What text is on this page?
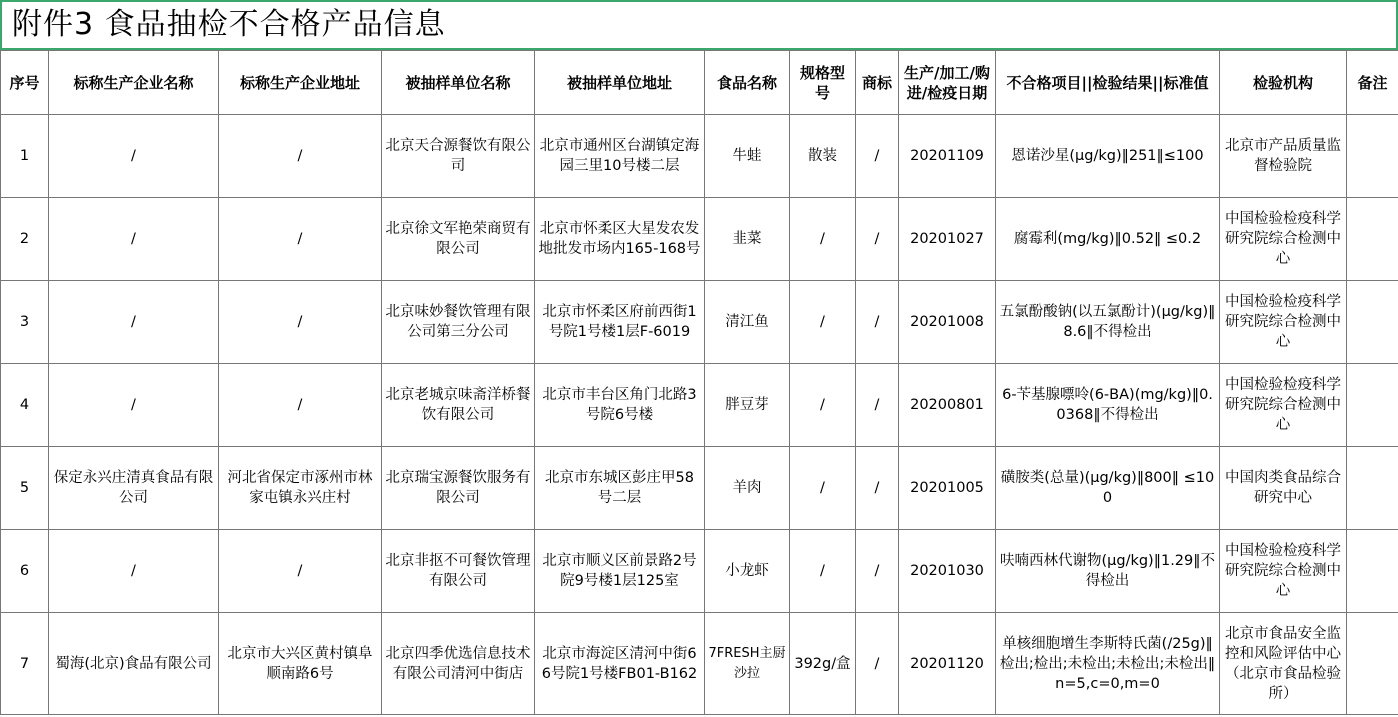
附件3 食品抽检不合格产品信息
序号	标称生产企业名称	标称生产企业地址	被抽样单位名称	被抽样单位地址	食品名称	规格型号	商标	生产/加工/购进/检疫日期	不合格项目||检验结果||标准值	检验机构	备注
1	/	/	北京天合源餐饮有限公司	北京市通州区台湖镇定海园三里10号楼二层	牛蛙	散装	/	20201109	恩诺沙星(μg/kg)‖251‖≤100	北京市产品质量监督检验院	
2	/	/	北京徐文军艳荣商贸有限公司	北京市怀柔区大星发农发地批发市场内165-168号	韭菜	/	/	20201027	腐霉利(mg/kg)‖0.52‖ ≤0.2	中国检验检疫科学研究院综合检测中心	
3	/	/	北京味妙餐饮管理有限公司第三分公司	北京市怀柔区府前西街1号院1号楼1层F-6019	清江鱼	/	/	20201008	五氯酚酸钠(以五氯酚计)(μg/kg)‖8.6‖不得检出	中国检验检疫科学研究院综合检测中心	
4	/	/	北京老城京味斋洋桥餐饮有限公司	北京市丰台区角门北路3号院6号楼	胖豆芽	/	/	20200801	6-苄基腺嘌呤(6-BA)(mg/kg)‖0.0368‖不得检出	中国检验检疫科学研究院综合检测中心	
5	保定永兴庄清真食品有限公司	河北省保定市涿州市林家屯镇永兴庄村	北京瑞宝源餐饮服务有限公司	北京市东城区彭庄甲58号二层	羊肉	/	/	20201005	磺胺类(总量)(μg/kg)‖800‖ ≤100	中国肉类食品综合研究中心	
6	/	/	北京非抠不可餐饮管理有限公司	北京市顺义区前景路2号院9号楼1层125室	小龙虾	/	/	20201030	呋喃西林代谢物(μg/kg)‖1.29‖不得检出	中国检验检疫科学研究院综合检测中心	
7	蜀海(北京)食品有限公司	北京市大兴区黄村镇阜顺南路6号	北京四季优选信息技术有限公司清河中街店	北京市海淀区清河中街66号院1号楼FB01-B162	7FRESH主厨沙拉	392g/盒	/	20201120	单核细胞增生李斯特氏菌(/25g)‖检出;检出;未检出;未检出;未检出‖n=5,c=0,m=0	北京市食品安全监控和风险评估中心（北京市食品检验所）	
